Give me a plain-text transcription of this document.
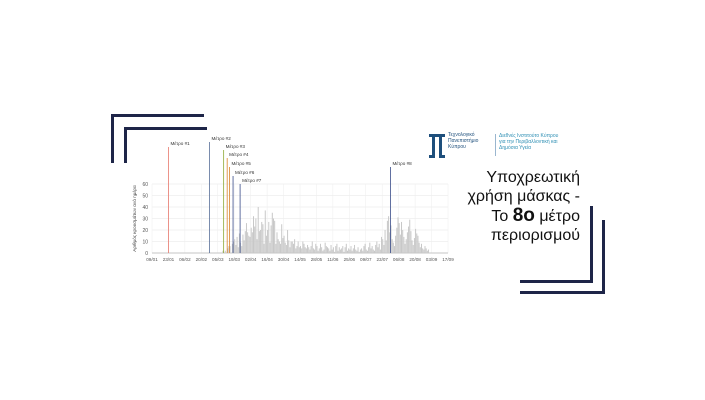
Τεχνολογικό
Πανεπιστήμιο
Κύπρου
Διεθνές Ινστιτούτο Κύπρου
για την Περιβαλλοντική και
Δημόσια Υγεία
Υποχρεωτική
χρήση μάσκας -
Το 8ο μέτρο
περιορισμού
0
10
20
30
40
50
60
09/01 23/01 06/02 20/02 05/03 19/03 02/04 16/04 30/04 14/05 28/05 11/06 25/06 09/07 23/07 06/08 20/08 03/09 17/09
Αριθμός κρουσμάτων ανά ημέρα
Μέτρο #1
Μέτρο #2
Μέτρο #3
Μέτρο #4
Μέτρο #5
Μέτρο #6
Μέτρο #7
Μέτρο #8
